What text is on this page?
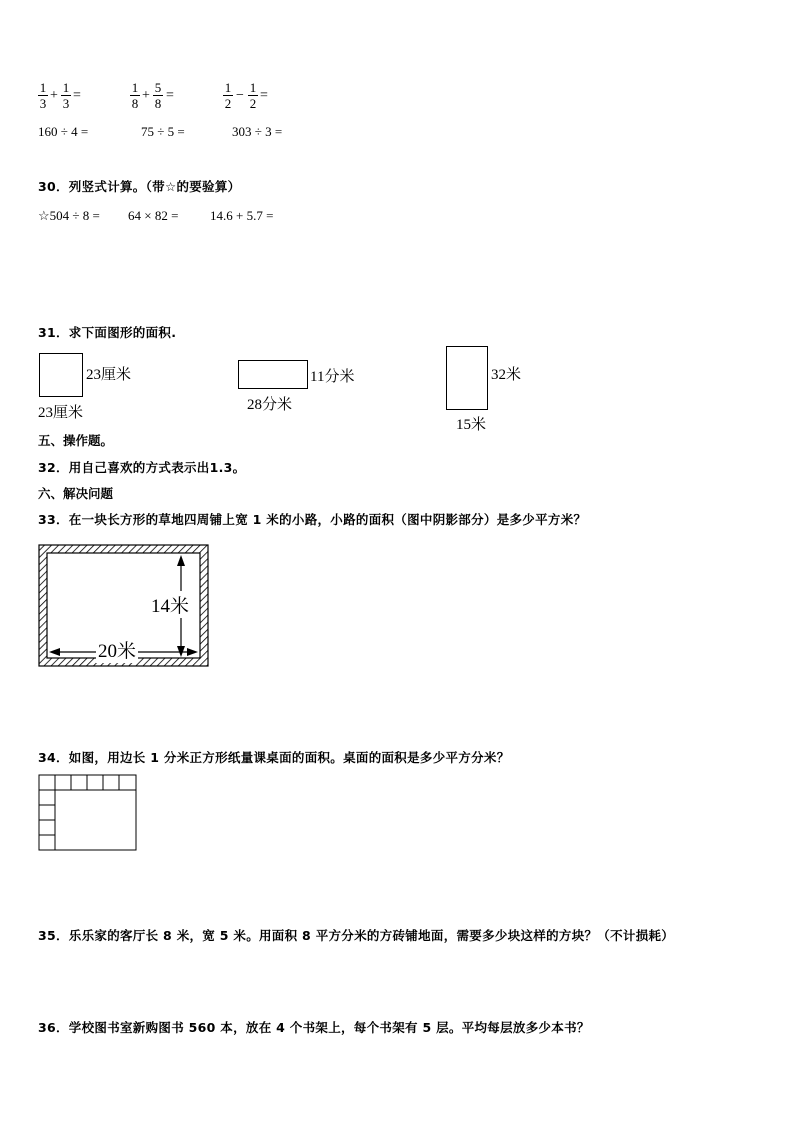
1
3
+
1
3
=
1
8
+
5
8
=
1
2
−
1
2
=
160 ÷ 4 =	75 ÷ 5 =	303 ÷ 3 =
30．列竖式计算。（带☆的要验算）
☆504 ÷ 8 = 64 × 82 = 14.6 + 5.7 =
31．求下面图形的面积.
23厘米
23厘米
11分米
28分米
32米
15米
五、操作题。
32．用自己喜欢的方式表示出1.3。
六、解决问题
33．在一块长方形的草地四周铺上宽 1 米的小路，小路的面积（图中阴影部分）是多少平方米？
14米
20米
34．如图，用边长 1 分米正方形纸量课桌面的面积。桌面的面积是多少平方分米？
35．乐乐家的客厅长 8 米，宽 5 米。用面积 8 平方分米的方砖铺地面，需要多少块这样的方块？（不计损耗）
36．学校图书室新购图书 560 本，放在 4 个书架上，每个书架有 5 层。平均每层放多少本书？
